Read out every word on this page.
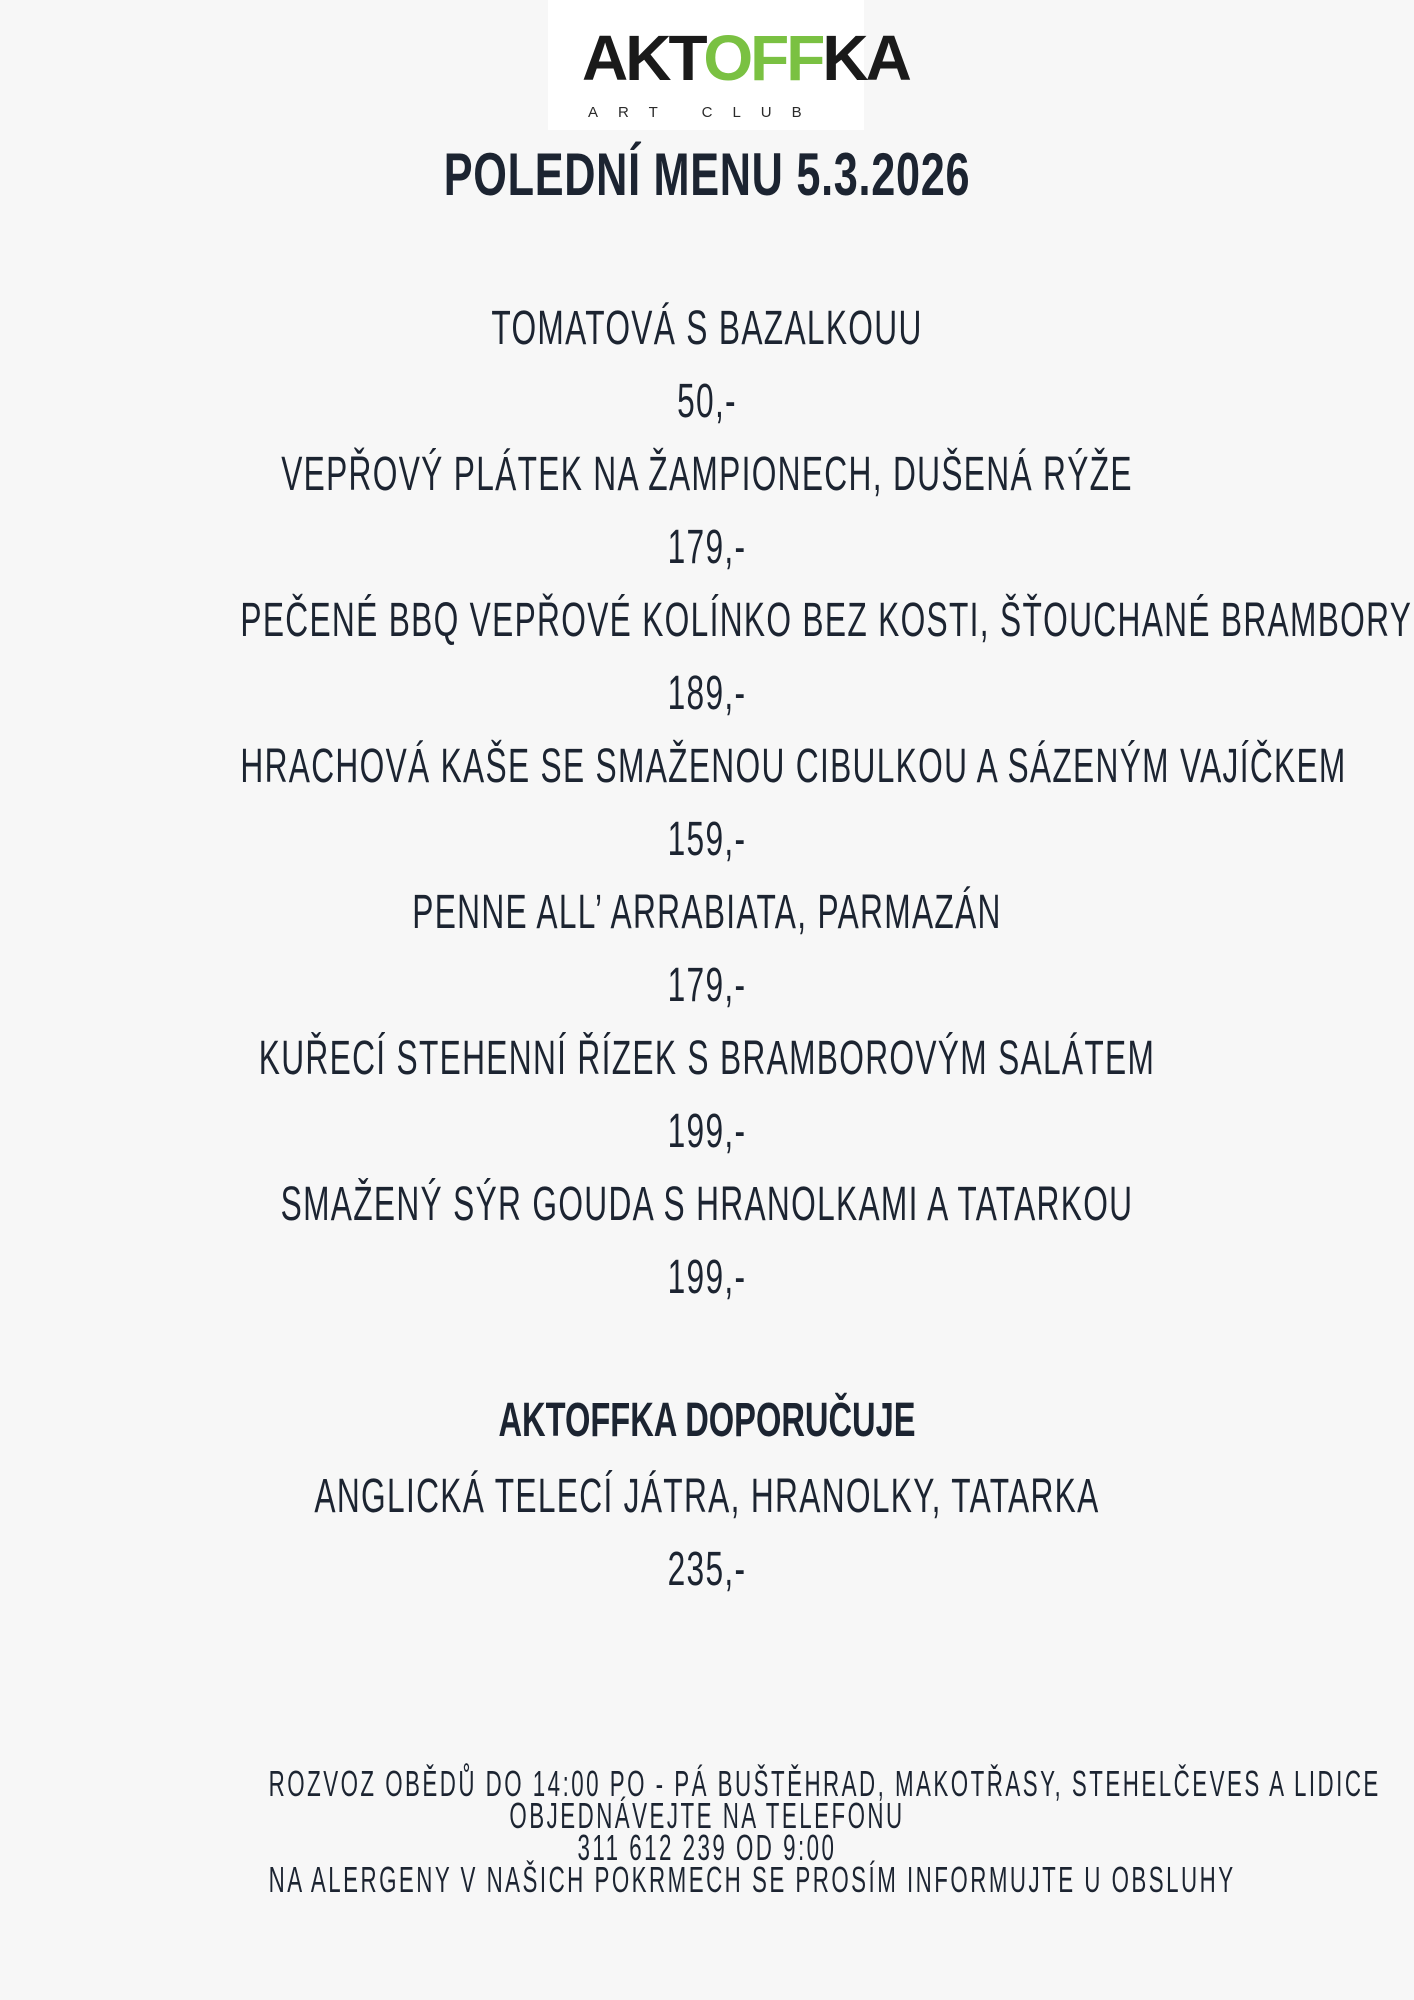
AKTOFFKA
ART CLUB
POLEDNÍ MENU 5.3.2026
TOMATOVÁ S BAZALKOUU
50,-
VEPŘOVÝ PLÁTEK NA ŽAMPIONECH, DUŠENÁ RÝŽE
179,-
PEČENÉ BBQ VEPŘOVÉ KOLÍNKO BEZ KOSTI, ŠŤOUCHANÉ BRAMBORY
189,-
HRACHOVÁ KAŠE SE SMAŽENOU CIBULKOU A SÁZENÝM VAJÍČKEM
159,-
PENNE ALL’ ARRABIATA, PARMAZÁN
179,-
KUŘECÍ STEHENNÍ ŘÍZEK S BRAMBOROVÝM SALÁTEM
199,-
SMAŽENÝ SÝR GOUDA S HRANOLKAMI A TATARKOU
199,-
AKTOFFKA DOPORUČUJE
ANGLICKÁ TELECÍ JÁTRA, HRANOLKY, TATARKA
235,-
ROZVOZ OBĚDŮ DO 14:00 PO - PÁ BUŠTĚHRAD, MAKOTŘASY, STEHELČEVES A LIDICE
OBJEDNÁVEJTE NA TELEFONU
311 612 239 OD 9:00
NA ALERGENY V NAŠICH POKRMECH SE PROSÍM INFORMUJTE U OBSLUHY
